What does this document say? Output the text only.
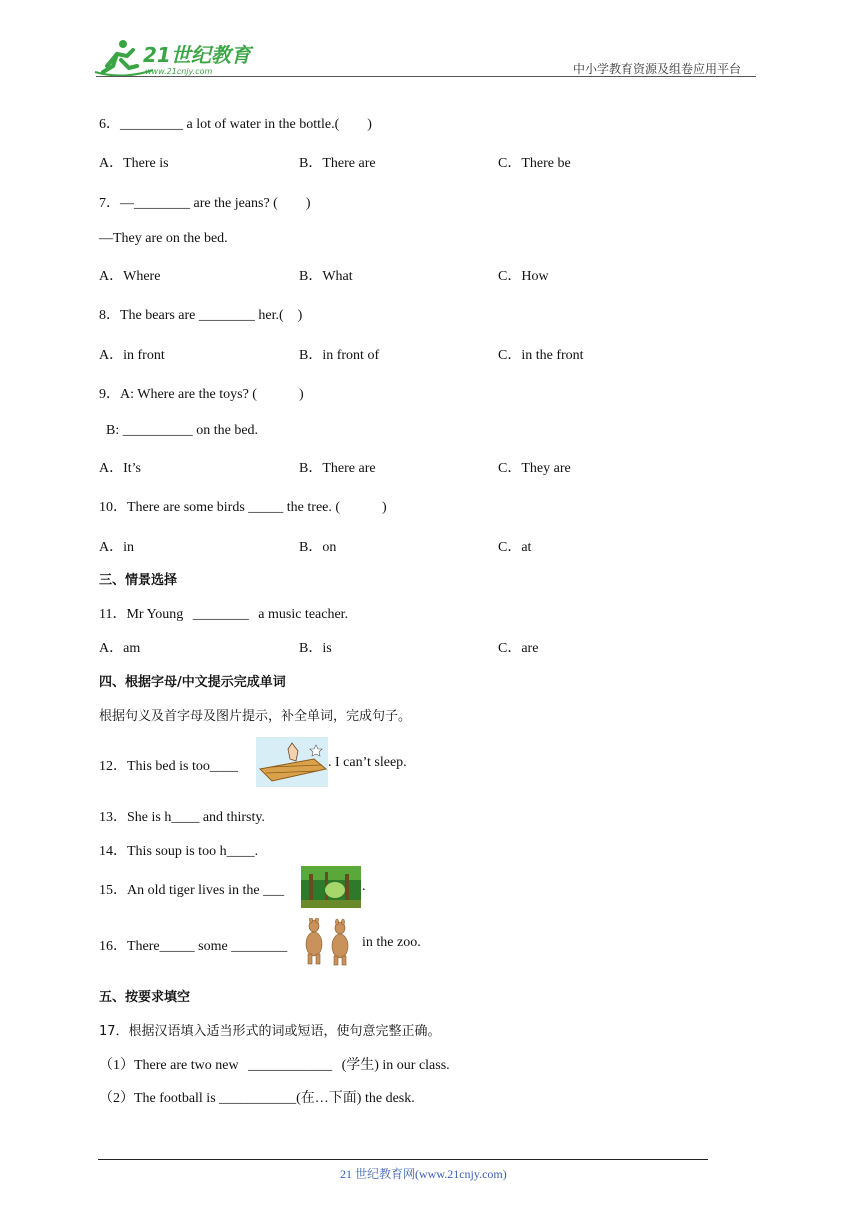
21世纪教育
www.21cnjy.com	中小学教育资源及组卷应用平台
6．_________ a lot of water in the bottle.(　　)
A．There is	B．There are	C．There be
7．—________ are the jeans? (　　)
—They are on the bed.
A．Where	B．What	C．How
8．The bears are ________ her.(　)
A．in front	B．in front of	C．in the front
9．A: Where are the toys? (　　　)
B: __________ on the bed.
A．It’s	B．There are	C．They are
10．There are some birds _____ the tree. (　　　)
A．in	B．on	C．at
三、情景选择
11．Mr Young ________ a music teacher.
A．am	B．is	C．are
四、根据字母/中文提示完成单词
根据句义及首字母及图片提示，补全单词，完成句子。
12．This bed is too____	. I can’t sleep.
13．She is h____ and thirsty.
14．This soup is too h____.
15．An old tiger lives in the ___	.
16．There_____ some ________	in the zoo.
五、按要求填空
17．根据汉语填入适当形式的词或短语，使句意完整正确。
（1）There are two new ____________ (学生) in our class.
（2）The football is ___________(在…下面) the desk.
21 世纪教育网(www.21cnjy.com)
